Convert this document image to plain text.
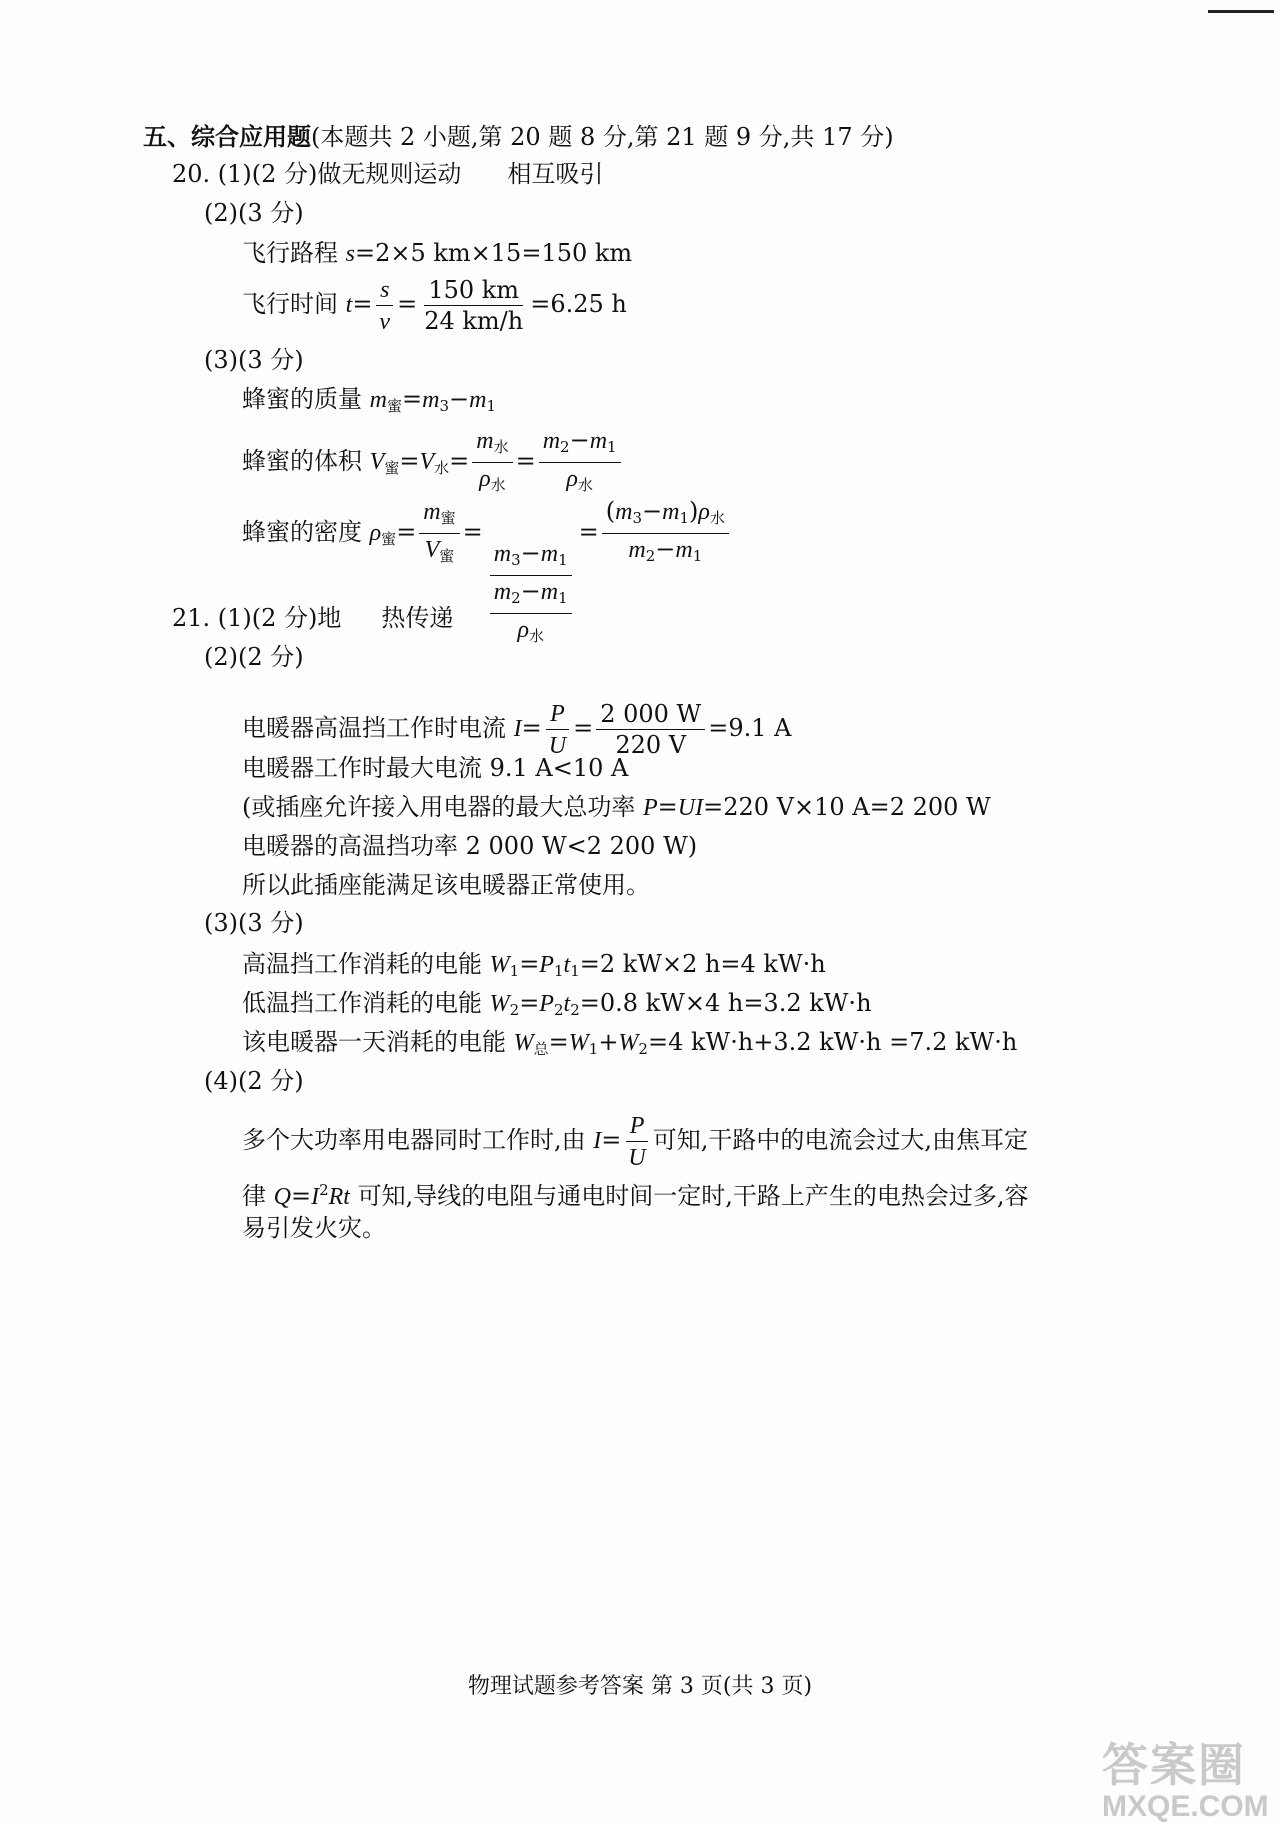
五、综合应用题(本题共 2 小题,第 20 题 8 分,第 21 题 9 分,共 17 分)
20. (1)(2 分)做无规则运动 相互吸引
(2)(3 分)
飞行路程 s=2×5 km×15=150 km
飞行时间 $t= \frac{s}{v} = \frac{150 km}{24 km/h} =6.25$ h
(3)(3 分)
蜂蜜的质量 $m_蜜=m_3-m_1$
蜂蜜的体积 $V_蜜=V_水= \frac{m_水}{\rho_水} = \frac{m_2-m_1}{\rho_水}$
蜂蜜的密度 $\rho_蜜= \frac{m_蜜}{V_蜜}$ =
$\frac{m_3-m_1}{\frac{m_2-m_1}{\rho_水}}$
= $\frac{(m_3-m_1)\rho_水}{m_2-m_1}$
21. (1)(2 分)地 热传递
(2)(2 分)
电暖器高温挡工作时电流 $I= \frac{P}{U} = \frac{2 000 W}{220 V} =9.1$ A
电暖器工作时最大电流 9.1 A<10 A
(或插座允许接入用电器的最大总功率 P=UI=220 V×10 A=2 200 W
电暖器的高温挡功率 2 000 W<2 200 W)
所以此插座能满足该电暖器正常使用。
(3)(3 分)
高温挡工作消耗的电能 $W_1=P_1t_1=2$ kW×2 h=4 kW·h
低温挡工作消耗的电能 $W_2=P_2t_2=0.8$ kW×4 h=3.2 kW·h
该电暖器一天消耗的电能 $W_总=W_1+W_2=4$ kW·h+3.2 kW·h =7.2 kW·h
(4)(2 分)
多个大功率用电器同时工作时,由 $I= \frac{P}{U}$ 可知,干路中的电流会过大,由焦耳定
律 $Q=I^2Rt$ 可知,导线的电阻与通电时间一定时,干路上产生的电热会过多,容
易引发火灾。
物理试题参考答案 第 3 页(共 3 页)
答案圈
MXQE.COM
